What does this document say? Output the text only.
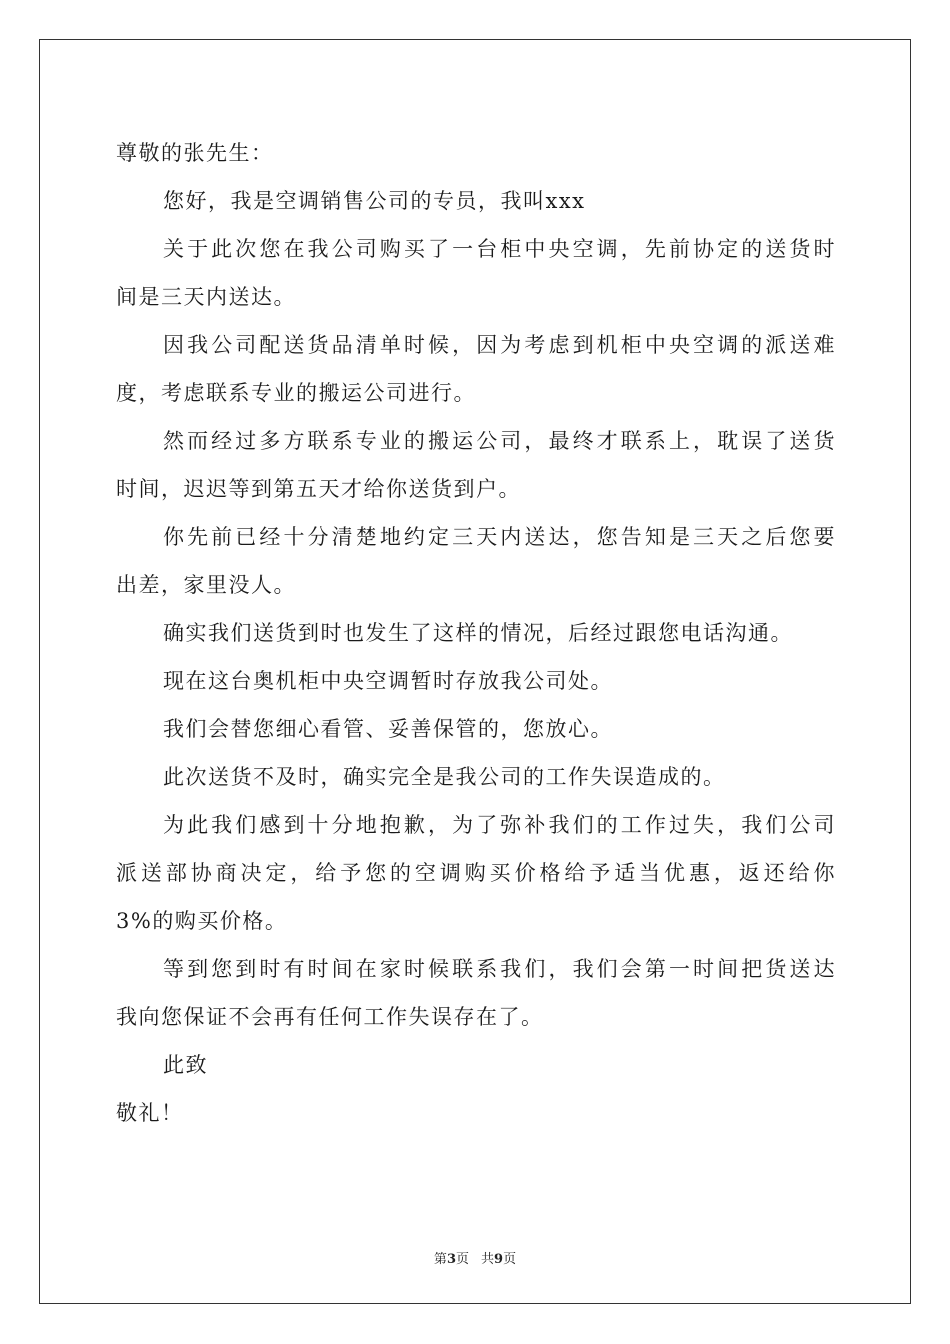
尊敬的张先生：
您好，我是空调销售公司的专员，我叫xxx
关于此次您在我公司购买了一台柜中央空调，先前协定的送货时
间是三天内送达。
因我公司配送货品清单时候，因为考虑到机柜中央空调的派送难
度，考虑联系专业的搬运公司进行。
然而经过多方联系专业的搬运公司，最终才联系上，耽误了送货
时间，迟迟等到第五天才给你送货到户。
你先前已经十分清楚地约定三天内送达，您告知是三天之后您要
出差，家里没人。
确实我们送货到时也发生了这样的情况，后经过跟您电话沟通。
现在这台奥机柜中央空调暂时存放我公司处。
我们会替您细心看管、妥善保管的，您放心。
此次送货不及时，确实完全是我公司的工作失误造成的。
为此我们感到十分地抱歉，为了弥补我们的工作过失，我们公司
派送部协商决定，给予您的空调购买价格给予适当优惠，返还给你
3%的购买价格。
等到您到时有时间在家时候联系我们，我们会第一时间把货送达
我向您保证不会再有任何工作失误存在了。
此致
敬礼！
第3页 共9页
